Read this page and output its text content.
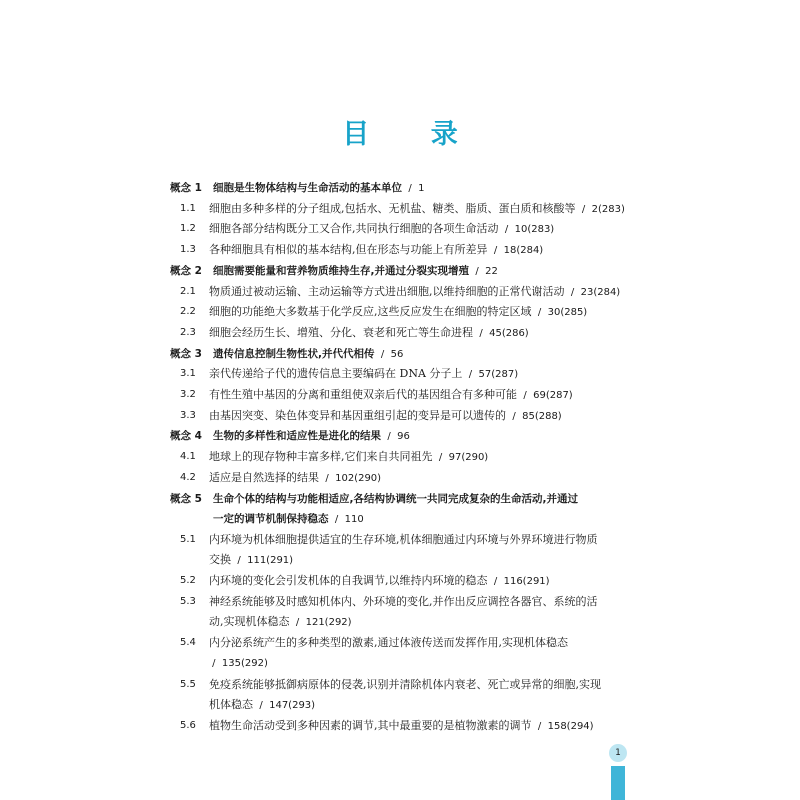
目 录
概念 1 细胞是生物体结构与生命活动的基本单位  /  1
1.1 细胞由多种多样的分子组成,包括水、无机盐、糖类、脂质、蛋白质和核酸等  /  2(283)
1.2 细胞各部分结构既分工又合作,共同执行细胞的各项生命活动  /  10(283)
1.3 各种细胞具有相似的基本结构,但在形态与功能上有所差异  /  18(284)
概念 2 细胞需要能量和营养物质维持生存,并通过分裂实现增殖  /  22
2.1 物质通过被动运输、主动运输等方式进出细胞,以维持细胞的正常代谢活动  /  23(284)
2.2 细胞的功能绝大多数基于化学反应,这些反应发生在细胞的特定区域  /  30(285)
2.3 细胞会经历生长、增殖、分化、衰老和死亡等生命进程  /  45(286)
概念 3 遗传信息控制生物性状,并代代相传  /  56
3.1 亲代传递给子代的遗传信息主要编码在 DNA 分子上  /  57(287)
3.2 有性生殖中基因的分离和重组使双亲后代的基因组合有多种可能  /  69(287)
3.3 由基因突变、染色体变异和基因重组引起的变异是可以遗传的  /  85(288)
概念 4 生物的多样性和适应性是进化的结果  /  96
4.1 地球上的现存物种丰富多样,它们来自共同祖先  /  97(290)
4.2 适应是自然选择的结果  /  102(290)
概念 5 生命个体的结构与功能相适应,各结构协调统一共同完成复杂的生命活动,并通过
一定的调节机制保持稳态  /  110
5.1 内环境为机体细胞提供适宜的生存环境,机体细胞通过内环境与外界环境进行物质
交换  /  111(291)
5.2 内环境的变化会引发机体的自我调节,以维持内环境的稳态  /  116(291)
5.3 神经系统能够及时感知机体内、外环境的变化,并作出反应调控各器官、系统的活
动,实现机体稳态  /  121(292)
5.4 内分泌系统产生的多种类型的激素,通过体液传送而发挥作用,实现机体稳态
/  135(292)
5.5 免疫系统能够抵御病原体的侵袭,识别并清除机体内衰老、死亡或异常的细胞,实现
机体稳态  /  147(293)
5.6 植物生命活动受到多种因素的调节,其中最重要的是植物激素的调节  /  158(294)
1
